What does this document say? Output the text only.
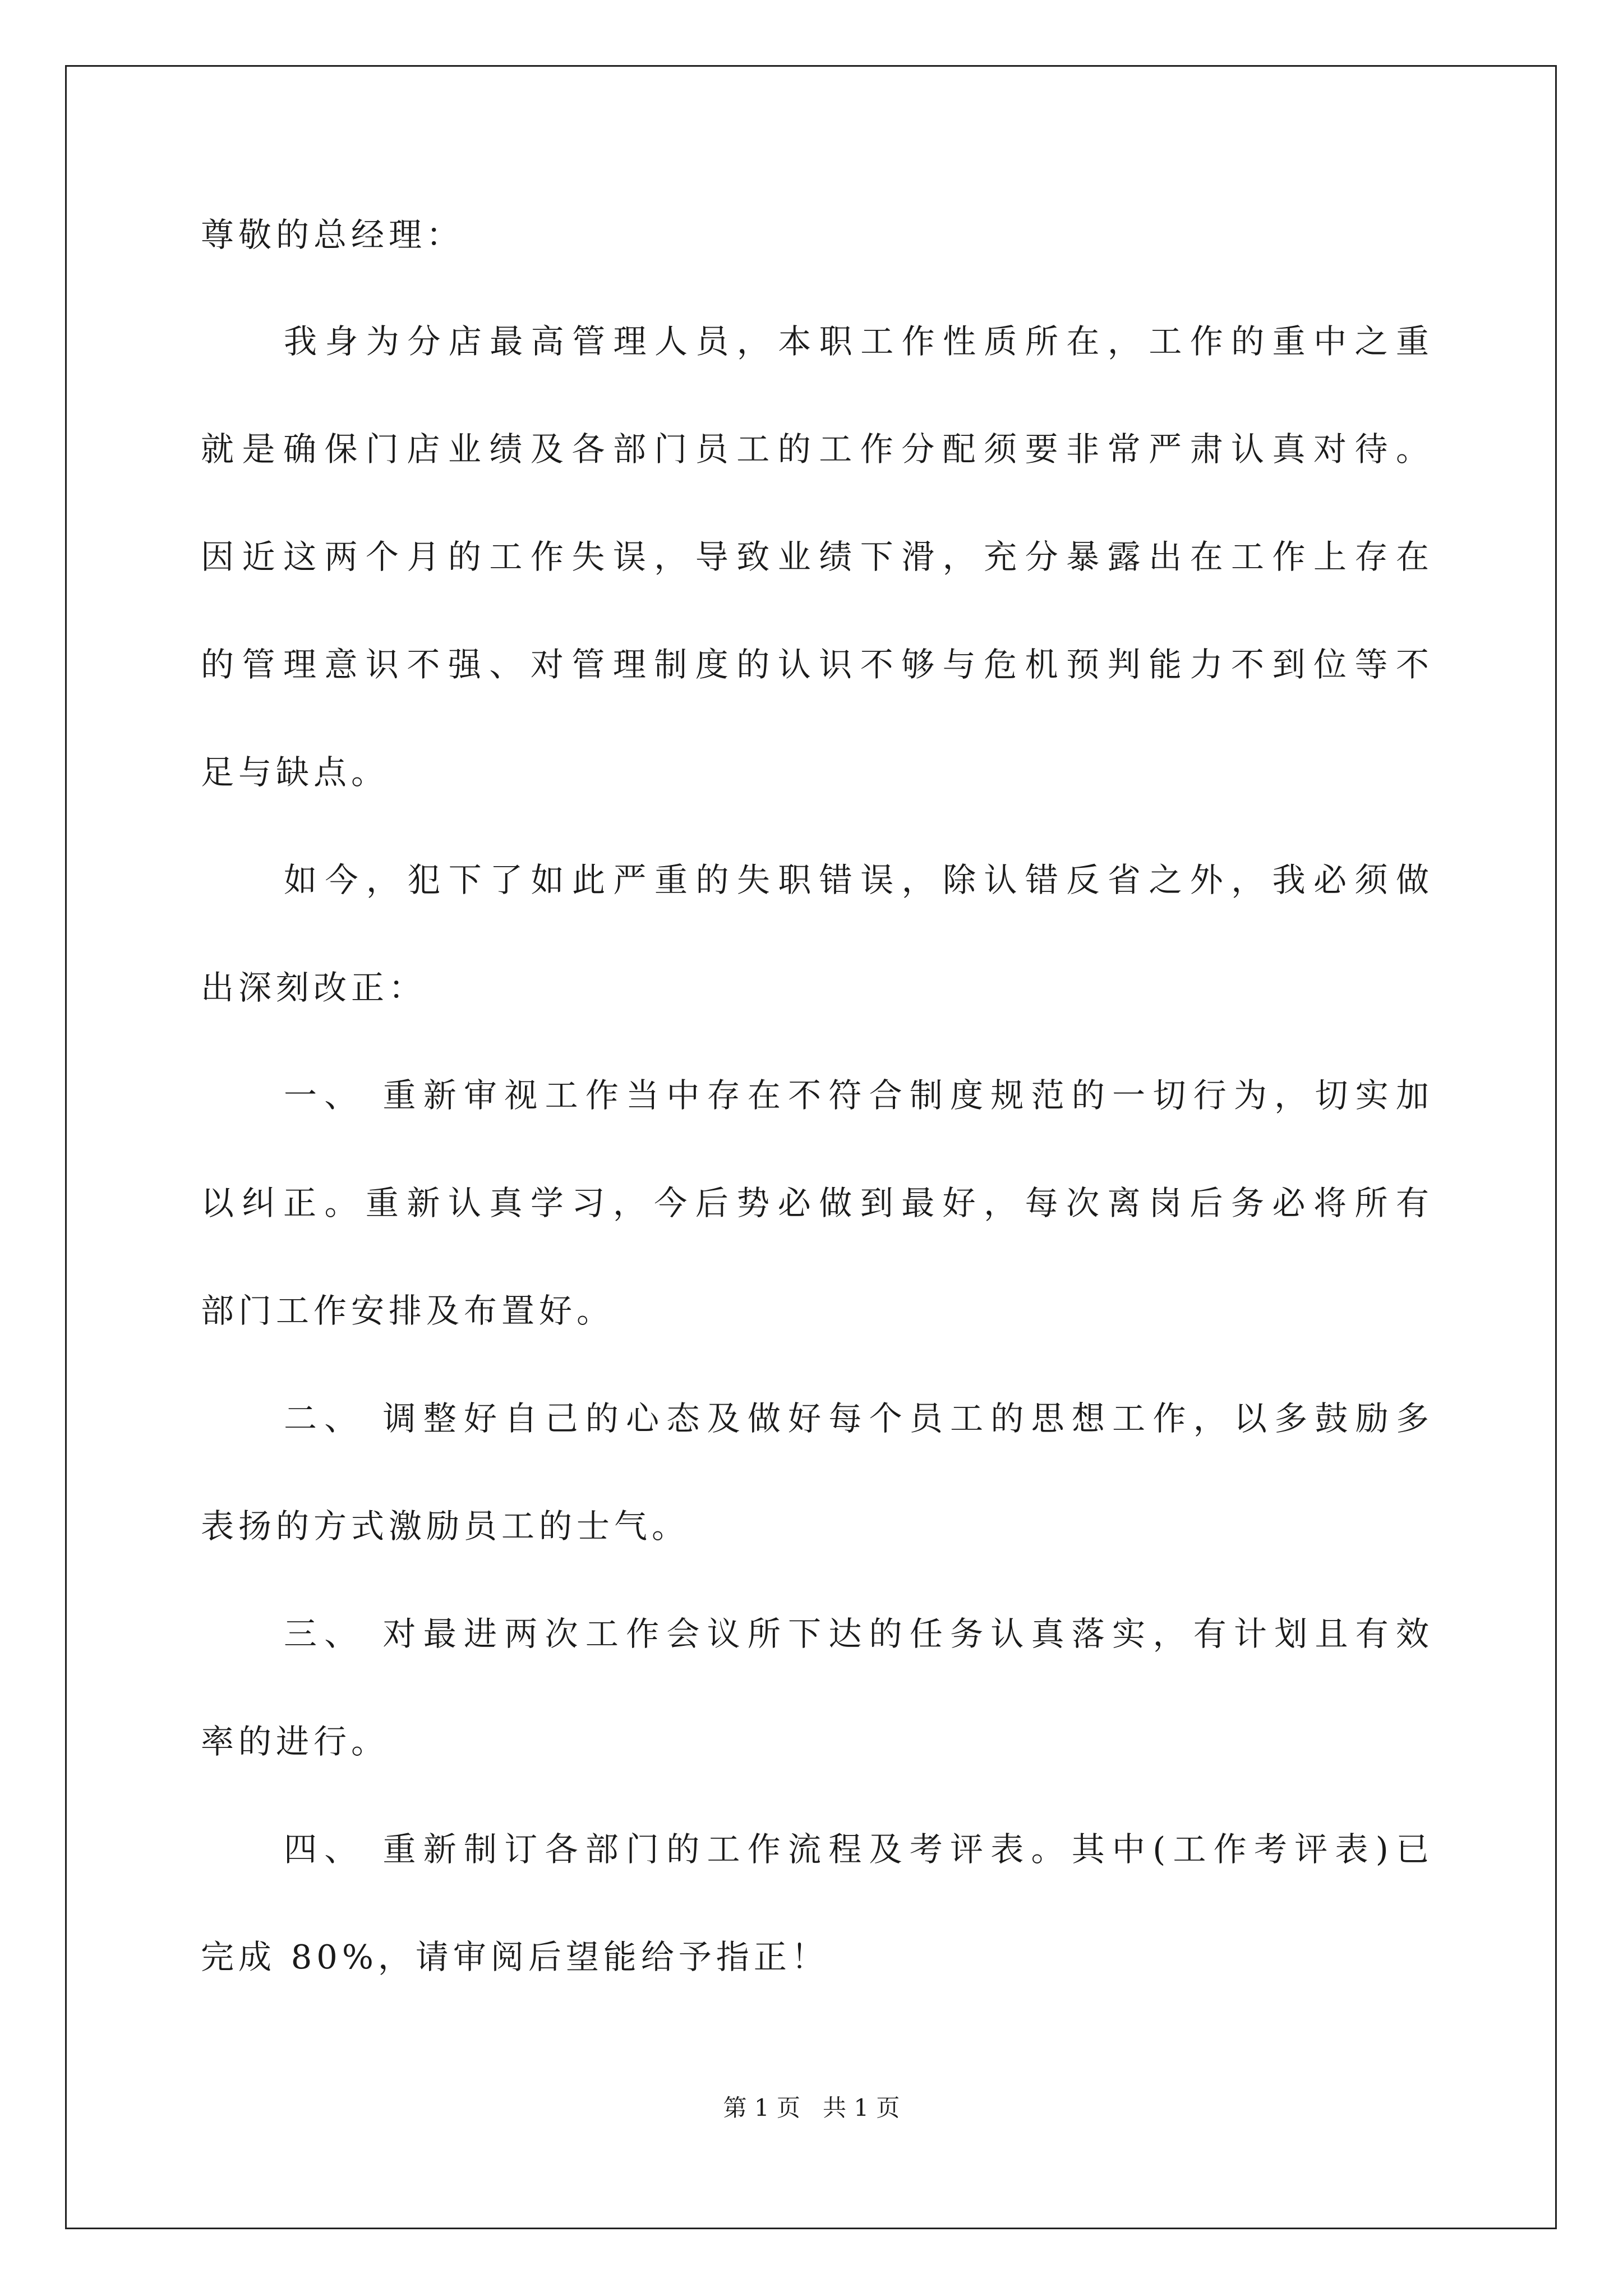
尊敬的总经理：

我身为分店最高管理人员，本职工作性质所在，工作的重中之重

就是确保门店业绩及各部门员工的工作分配须要非常严肃认真对待。

因近这两个月的工作失误，导致业绩下滑，充分暴露出在工作上存在

的管理意识不强、对管理制度的认识不够与危机预判能力不到位等不

足与缺点。

如今，犯下了如此严重的失职错误，除认错反省之外，我必须做

出深刻改正：

一、 重新审视工作当中存在不符合制度规范的一切行为，切实加

以纠正。重新认真学习，今后势必做到最好，每次离岗后务必将所有

部门工作安排及布置好。

二、 调整好自己的心态及做好每个员工的思想工作，以多鼓励多

表扬的方式激励员工的士气。

三、 对最进两次工作会议所下达的任务认真落实，有计划且有效

率的进行。

四、 重新制订各部门的工作流程及考评表。其中(工作考评表)已

完成 80%，请审阅后望能给予指正！

第 1 页 共 1 页
